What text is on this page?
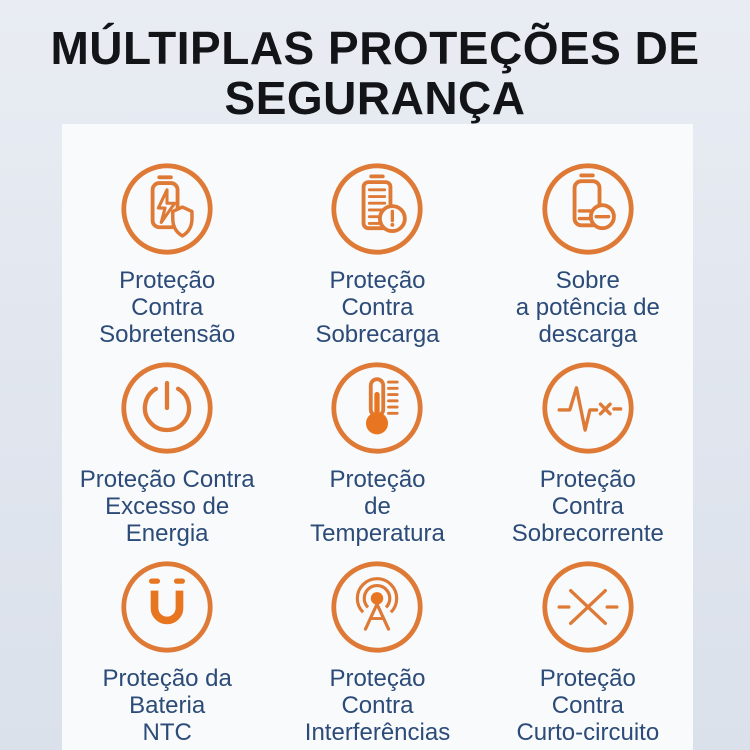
MÚLTIPLAS PROTEÇÕES DE
SEGURANÇA
Proteção
Contra
Sobretensão
Proteção
Contra
Sobrecarga
Sobre
a potência de
descarga
Proteção Contra
Excesso de
Energia
Proteção
de
Temperatura
Proteção
Contra
Sobrecorrente
Proteção da
Bateria
NTC
Proteção
Contra
Interferências
Proteção
Contra
Curto-circuito
